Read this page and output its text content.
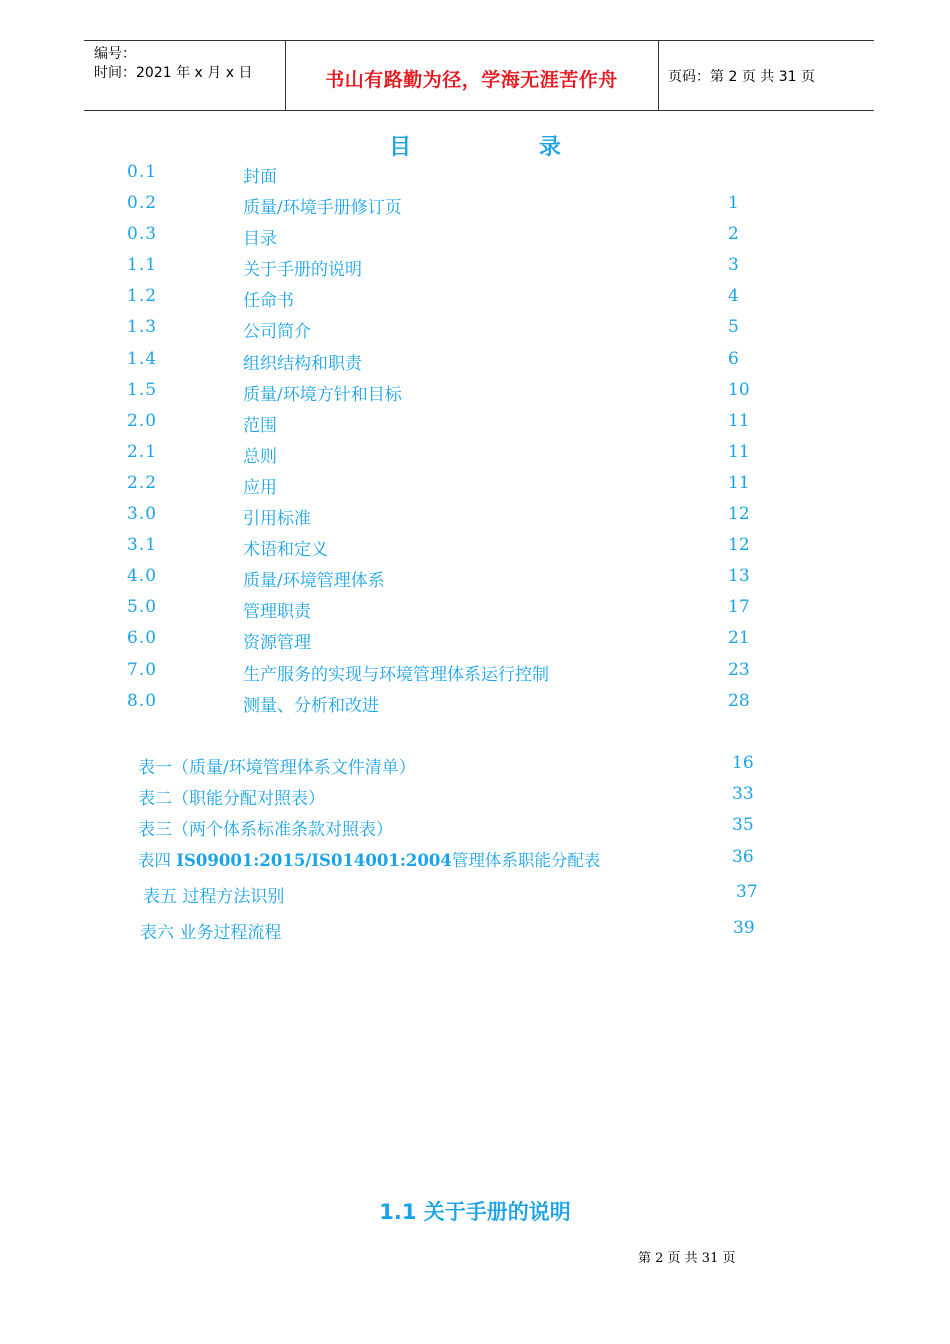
编号：
时间：2021 年 x 月 x 日	书山有路勤为径，学海无涯苦作舟	页码：第 2 页 共 31 页
目 录
0.1	封面
0.2	质量/环境手册修订页	1
0.3	目录	2
1.1	关于手册的说明	3
1.2	任命书	4
1.3	公司简介	5
1.4	组织结构和职责	6
1.5	质量/环境方针和目标	10
2.0	范围	11
2.1	总则	11
2.2	应用	11
3.0	引用标准	12
3.1	术语和定义	12
4.0	质量/环境管理体系	13
5.0	管理职责	17
6.0	资源管理	21
7.0	生产服务的实现与环境管理体系运行控制	23
8.0	测量、分析和改进	28
表一（质量/环境管理体系文件清单）	16
表二（职能分配对照表）	33
表三（两个体系标准条款对照表）	35
表四 IS09001:2015/IS014001:2004管理体系职能分配表	36
表五 过程方法识别	37
表六 业务过程流程	39
1.1 关于手册的说明
第 2 页 共 31 页
